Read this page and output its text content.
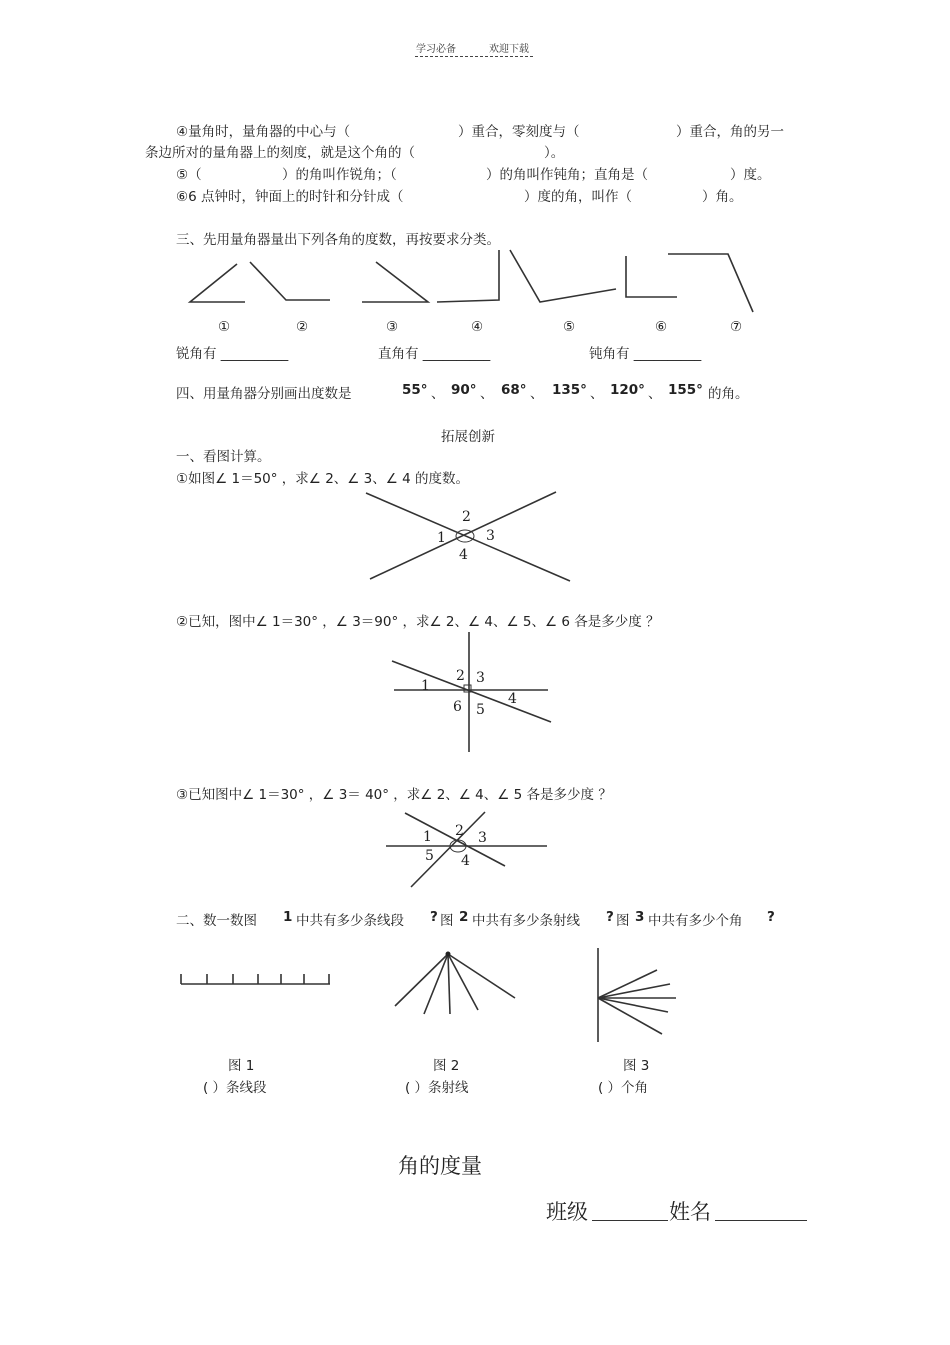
学习必备	欢迎下载
④量角时，量角器的中心与（	）重合，零刻度与（	）重合，角的另一
条边所对的量角器上的刻度，就是这个角的（	）。
⑤（	）的角叫作锐角；（	）的角叫作钝角；直角是（	）度。
⑥6 点钟时，钟面上的时针和分针成（	）度的角，叫作（	）角。
三、先用量角器量出下列各角的度数，再按要求分类。
①	②	③	④	⑤	⑥	⑦
锐角有 __________	直角有 __________	钝角有 __________
四、用量角器分别画出度数是	55° 、 90° 、 68° 、 135° 、 120° 、 155° 的角。
拓展创新
一、看图计算。
①如图∠ 1＝50° ，求∠ 2、∠ 3、∠ 4 的度数。
1
2
3
4
②已知，图中∠ 1＝30° ，∠ 3＝90° ，求∠ 2、∠ 4、∠ 5、∠ 6 各是多少度 ？
1
2 3
4
5
6
③已知图中∠ 1＝30° ，∠ 3＝ 40° ，求∠ 2、∠ 4、∠ 5 各是多少度 ？
1 2 3
4
5
二、数一数图 1 中共有多少条线段 ? 图 2 中共有多少条射线 ? 图 3 中共有多少个角 ?
图 1	图 2	图 3
( ）条线段	( ）条射线	( ）个角
角的度量
班级	姓名
